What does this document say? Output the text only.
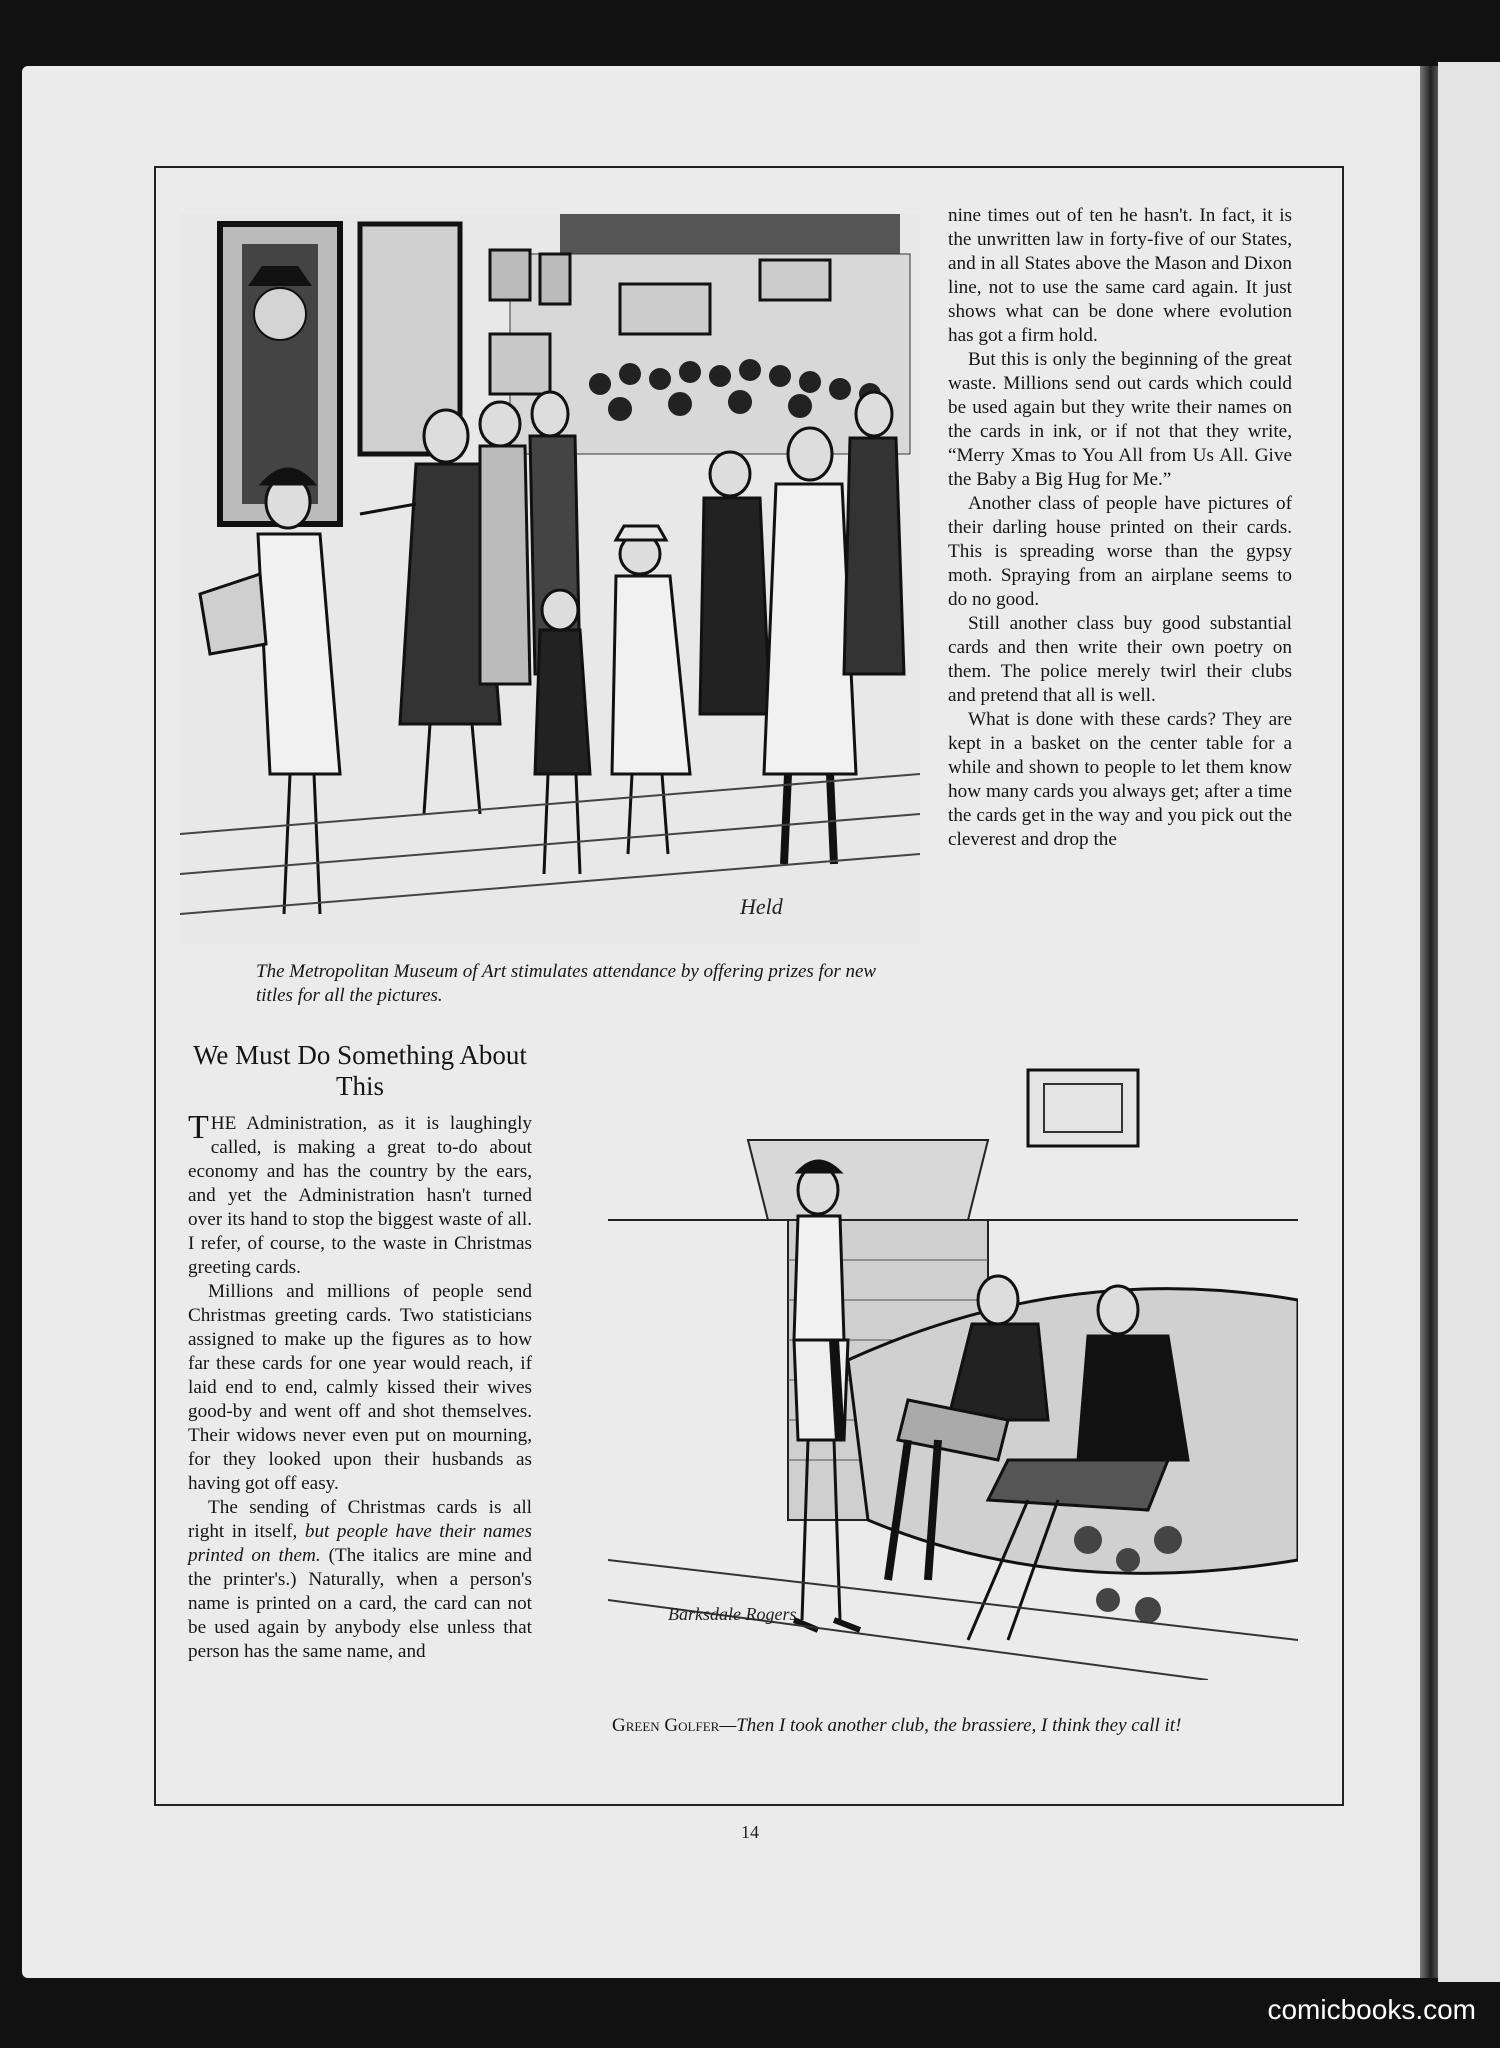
Held

nine times out of ten he hasn't. In fact, it is the unwritten law in forty-five of our States, and in all States above the Mason and Dixon line, not to use the same card again. It just shows what can be done where evolution has got a firm hold.

But this is only the beginning of the great waste. Millions send out cards which could be used again but they write their names on the cards in ink, or if not that they write, “Merry Xmas to You All from Us All. Give the Baby a Big Hug for Me.”

Another class of people have pictures of their darling house printed on their cards. This is spreading worse than the gypsy moth. Spraying from an airplane seems to do no good.

Still another class buy good substantial cards and then write their own poetry on them. The police merely twirl their clubs and pretend that all is well.

What is done with these cards? They are kept in a basket on the center table for a while and shown to people to let them know how many cards you always get; after a time the cards get in the way and you pick out the cleverest and drop the

The Metropolitan Museum of Art stimulates attendance by offering prizes for new titles for all the pictures.
We Must Do Something About This

THE Administration, as it is laughingly called, is making a great to-do about economy and has the country by the ears, and yet the Administration hasn't turned over its hand to stop the biggest waste of all. I refer, of course, to the waste in Christmas greeting cards.

Millions and millions of people send Christmas greeting cards. Two statisticians assigned to make up the figures as to how far these cards for one year would reach, if laid end to end, calmly kissed their wives good-by and went off and shot themselves. Their widows never even put on mourning, for they looked upon their husbands as having got off easy.

The sending of Christmas cards is all right in itself, but people have their names printed on them. (The italics are mine and the printer's.) Naturally, when a person's name is printed on a card, the card can not be used again by anybody else unless that person has the same name, and

Barksdale Rogers
Green Golfer—Then I took another club, the brassiere, I think they call it!
14
comicbooks.com
